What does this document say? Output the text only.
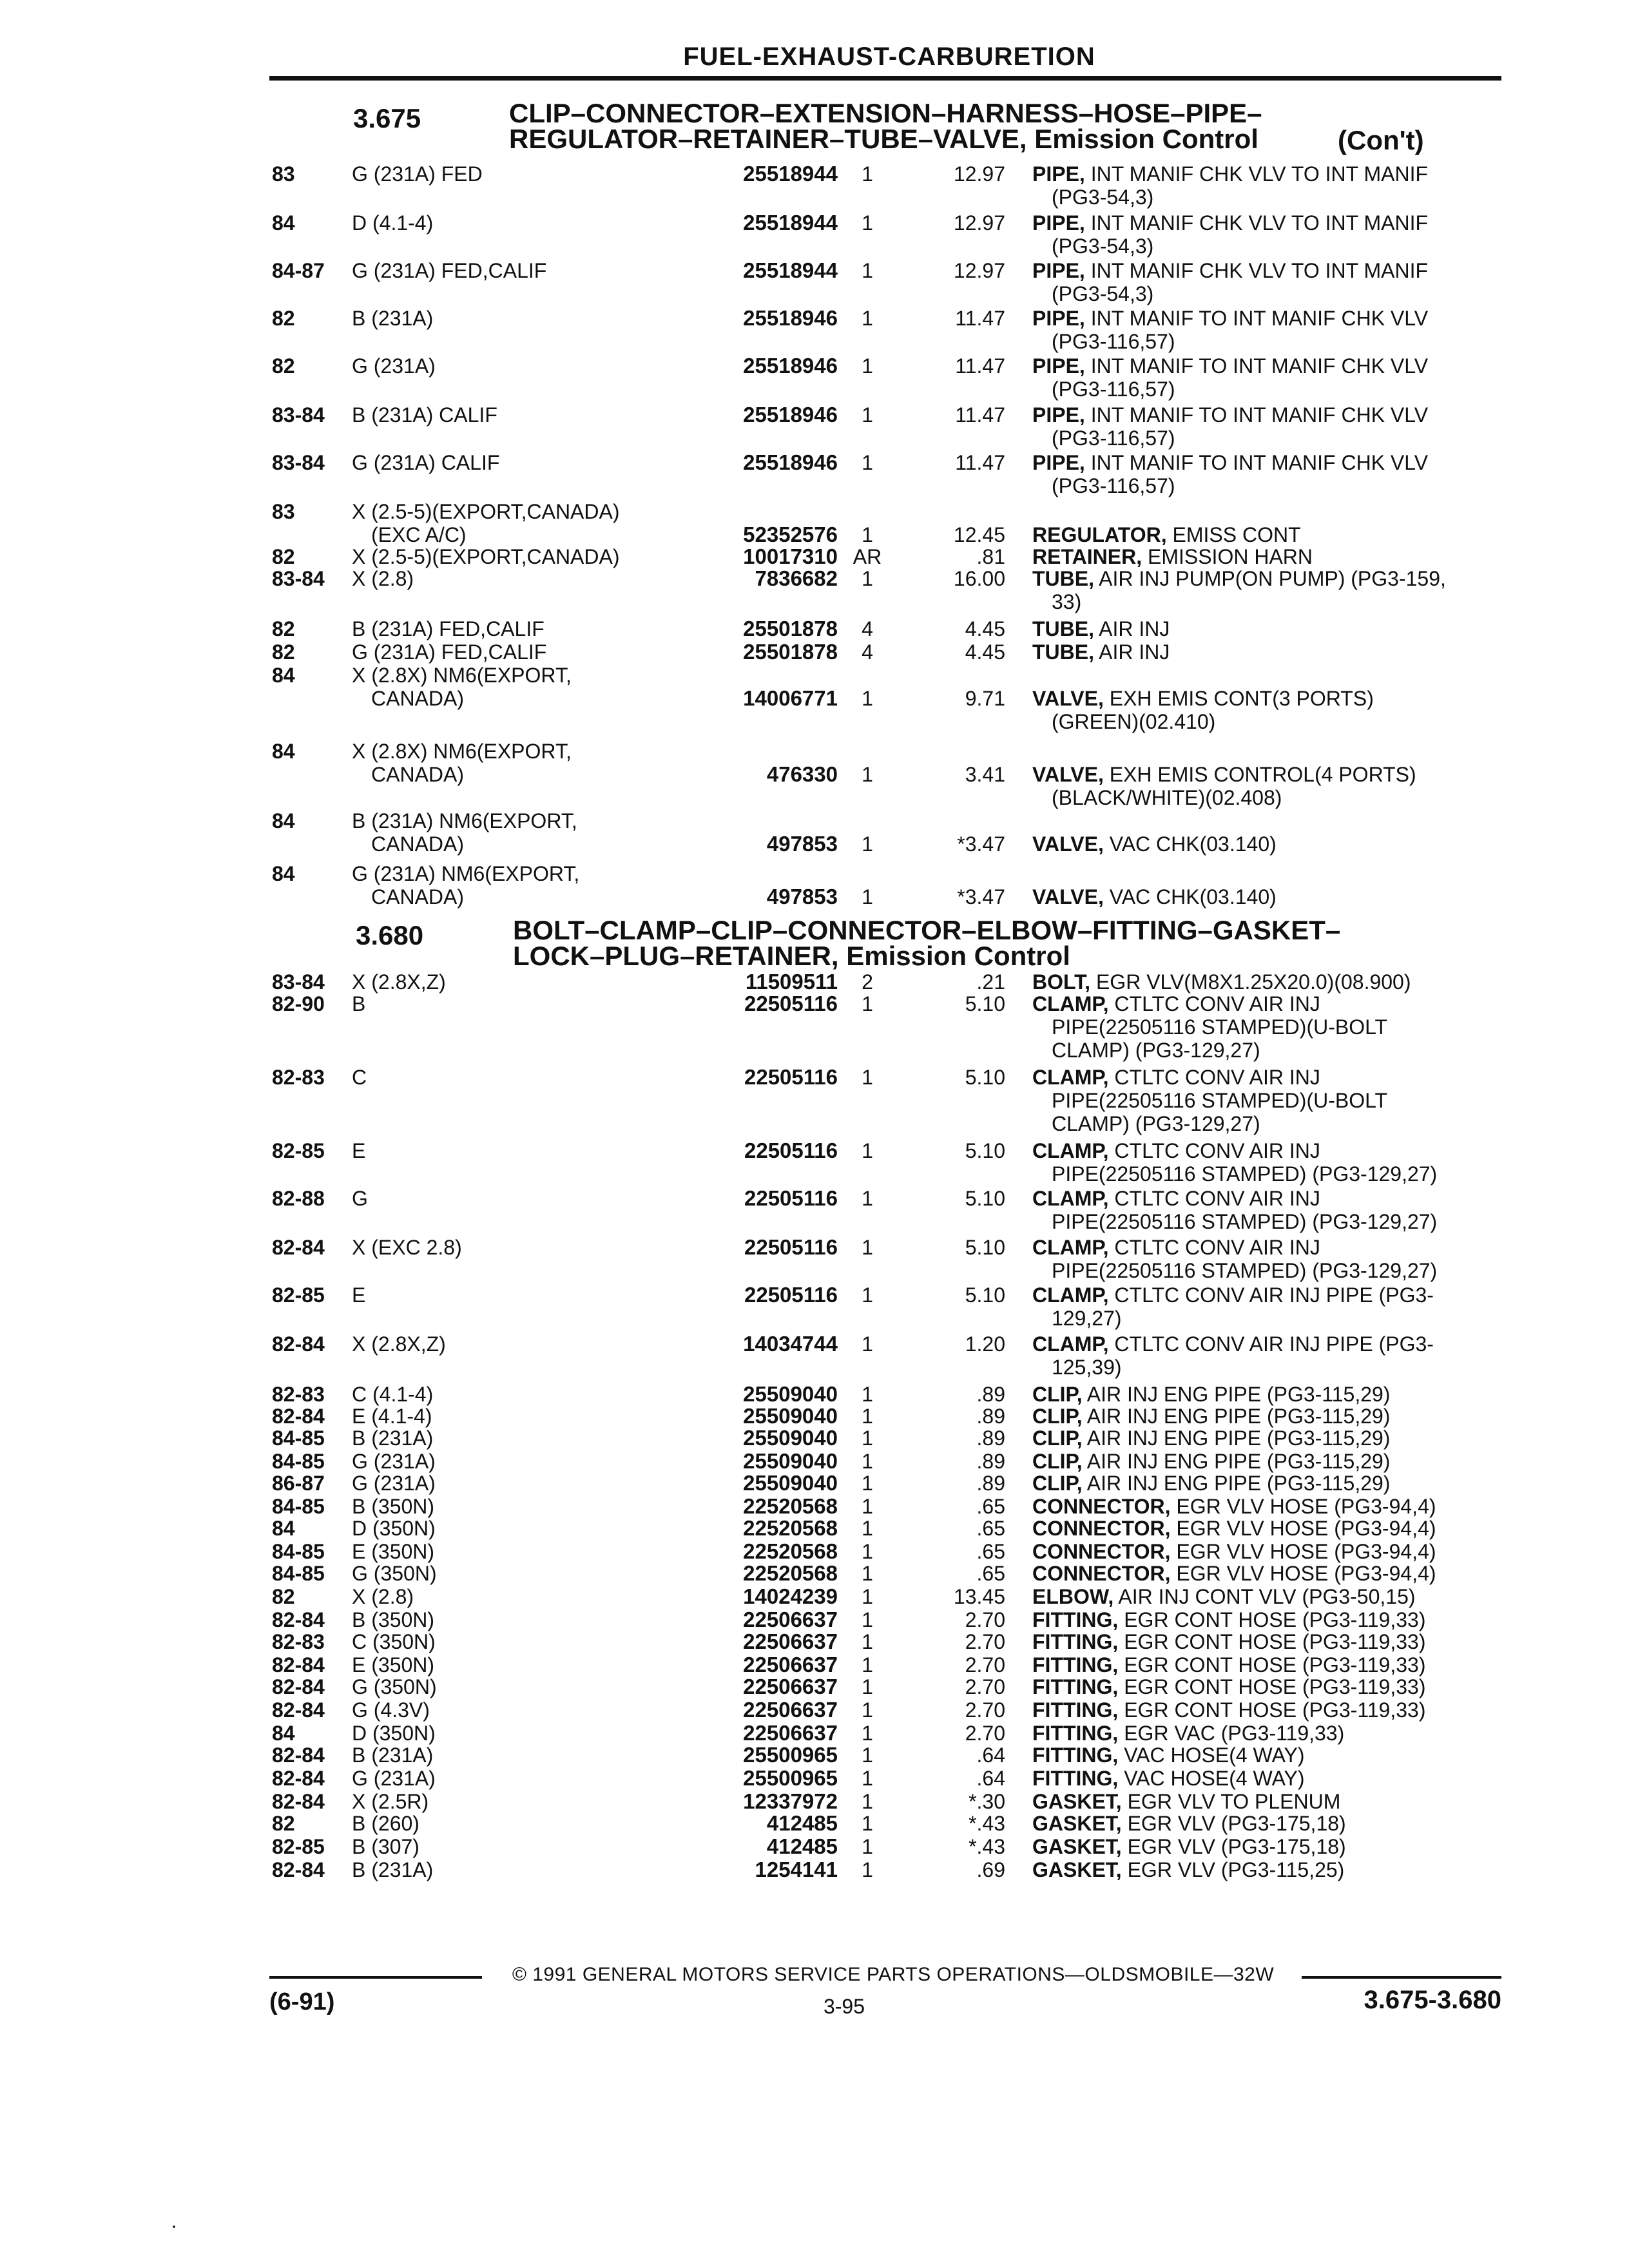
FUEL-EXHAUST-CARBURETION
3.675	CLIP–CONNECTOR–EXTENSION–HARNESS–HOSE–PIPE–
REGULATOR–RETAINER–TUBE–VALVE, Emission Control	(Con't)
83	G (231A) FED	25518944	1	12.97 PIPE, INT MANIF CHK VLV TO INT MANIF
(PG3-54,3)
84	D (4.1-4)	25518944	1	12.97 PIPE, INT MANIF CHK VLV TO INT MANIF
(PG3-54,3)
84-87	G (231A) FED,CALIF	25518944	1	12.97 PIPE, INT MANIF CHK VLV TO INT MANIF
(PG3-54,3)
82	B (231A)	25518946	1	11.47 PIPE, INT MANIF TO INT MANIF CHK VLV
(PG3-116,57)
82	G (231A)	25518946	1	11.47 PIPE, INT MANIF TO INT MANIF CHK VLV
(PG3-116,57)
83-84	B (231A) CALIF	25518946	1	11.47 PIPE, INT MANIF TO INT MANIF CHK VLV
(PG3-116,57)
83-84	G (231A) CALIF	25518946	1	11.47 PIPE, INT MANIF TO INT MANIF CHK VLV
(PG3-116,57)
83	X (2.5-5)(EXPORT,CANADA)
(EXC A/C)	52352576	1	12.45 REGULATOR, EMISS CONT
82	X (2.5-5)(EXPORT,CANADA)	10017310 AR	.81 RETAINER, EMISSION HARN
83-84	X (2.8)	7836682	1	16.00 TUBE, AIR INJ PUMP(ON PUMP) (PG3-159,
33)
82	B (231A) FED,CALIF	25501878	4	4.45 TUBE, AIR INJ
82	G (231A) FED,CALIF	25501878	4	4.45 TUBE, AIR INJ
84	X (2.8X) NM6(EXPORT,
CANADA)	14006771	1	9.71 VALVE, EXH EMIS CONT(3 PORTS)
(GREEN)(02.410)
84	X (2.8X) NM6(EXPORT,
CANADA)	476330	1	3.41 VALVE, EXH EMIS CONTROL(4 PORTS)
(BLACK/WHITE)(02.408)
84	B (231A) NM6(EXPORT,
CANADA)	497853	1	*3.47 VALVE, VAC CHK(03.140)
84	G (231A) NM6(EXPORT,
CANADA)	497853	1	*3.47 VALVE, VAC CHK(03.140)
3.680	BOLT–CLAMP–CLIP–CONNECTOR–ELBOW–FITTING–GASKET–
LOCK–PLUG–RETAINER, Emission Control
83-84	X (2.8X,Z)	11509511	2	.21 BOLT, EGR VLV(M8X1.25X20.0)(08.900)
82-90	B	22505116	1	5.10 CLAMP, CTLTC CONV AIR INJ
PIPE(22505116 STAMPED)(U-BOLT
CLAMP) (PG3-129,27)
82-83	C	22505116	1	5.10 CLAMP, CTLTC CONV AIR INJ
PIPE(22505116 STAMPED)(U-BOLT
CLAMP) (PG3-129,27)
82-85	E	22505116	1	5.10 CLAMP, CTLTC CONV AIR INJ
PIPE(22505116 STAMPED) (PG3-129,27)
82-88	G	22505116	1	5.10 CLAMP, CTLTC CONV AIR INJ
PIPE(22505116 STAMPED) (PG3-129,27)
82-84	X (EXC 2.8)	22505116	1	5.10 CLAMP, CTLTC CONV AIR INJ
PIPE(22505116 STAMPED) (PG3-129,27)
82-85	E	22505116	1	5.10 CLAMP, CTLTC CONV AIR INJ PIPE (PG3-
129,27)
82-84	X (2.8X,Z)	14034744	1	1.20 CLAMP, CTLTC CONV AIR INJ PIPE (PG3-
125,39)
82-83	C (4.1-4)	25509040	1	.89 CLIP, AIR INJ ENG PIPE (PG3-115,29)
82-84	E (4.1-4)	25509040	1	.89 CLIP, AIR INJ ENG PIPE (PG3-115,29)
84-85	B (231A)	25509040	1	.89 CLIP, AIR INJ ENG PIPE (PG3-115,29)
84-85	G (231A)	25509040	1	.89 CLIP, AIR INJ ENG PIPE (PG3-115,29)
86-87	G (231A)	25509040	1	.89 CLIP, AIR INJ ENG PIPE (PG3-115,29)
84-85	B (350N)	22520568	1	.65 CONNECTOR, EGR VLV HOSE (PG3-94,4)
84	D (350N)	22520568	1	.65 CONNECTOR, EGR VLV HOSE (PG3-94,4)
84-85	E (350N)	22520568	1	.65 CONNECTOR, EGR VLV HOSE (PG3-94,4)
84-85	G (350N)	22520568	1	.65 CONNECTOR, EGR VLV HOSE (PG3-94,4)
82	X (2.8)	14024239	1	13.45 ELBOW, AIR INJ CONT VLV (PG3-50,15)
82-84	B (350N)	22506637	1	2.70 FITTING, EGR CONT HOSE (PG3-119,33)
82-83	C (350N)	22506637	1	2.70 FITTING, EGR CONT HOSE (PG3-119,33)
82-84	E (350N)	22506637	1	2.70 FITTING, EGR CONT HOSE (PG3-119,33)
82-84	G (350N)	22506637	1	2.70 FITTING, EGR CONT HOSE (PG3-119,33)
82-84	G (4.3V)	22506637	1	2.70 FITTING, EGR CONT HOSE (PG3-119,33)
84	D (350N)	22506637	1	2.70 FITTING, EGR VAC (PG3-119,33)
82-84	B (231A)	25500965	1	.64 FITTING, VAC HOSE(4 WAY)
82-84	G (231A)	25500965	1	.64 FITTING, VAC HOSE(4 WAY)
82-84	X (2.5R)	12337972	1	*.30 GASKET, EGR VLV TO PLENUM
82	B (260)	412485	1	*.43 GASKET, EGR VLV (PG3-175,18)
82-85	B (307)	412485	1	*.43 GASKET, EGR VLV (PG3-175,18)
82-84	B (231A)	1254141	1	.69 GASKET, EGR VLV (PG3-115,25)
© 1991 GENERAL MOTORS SERVICE PARTS OPERATIONS—OLDSMOBILE—32W
(6-91)	3-95	3.675-3.680
